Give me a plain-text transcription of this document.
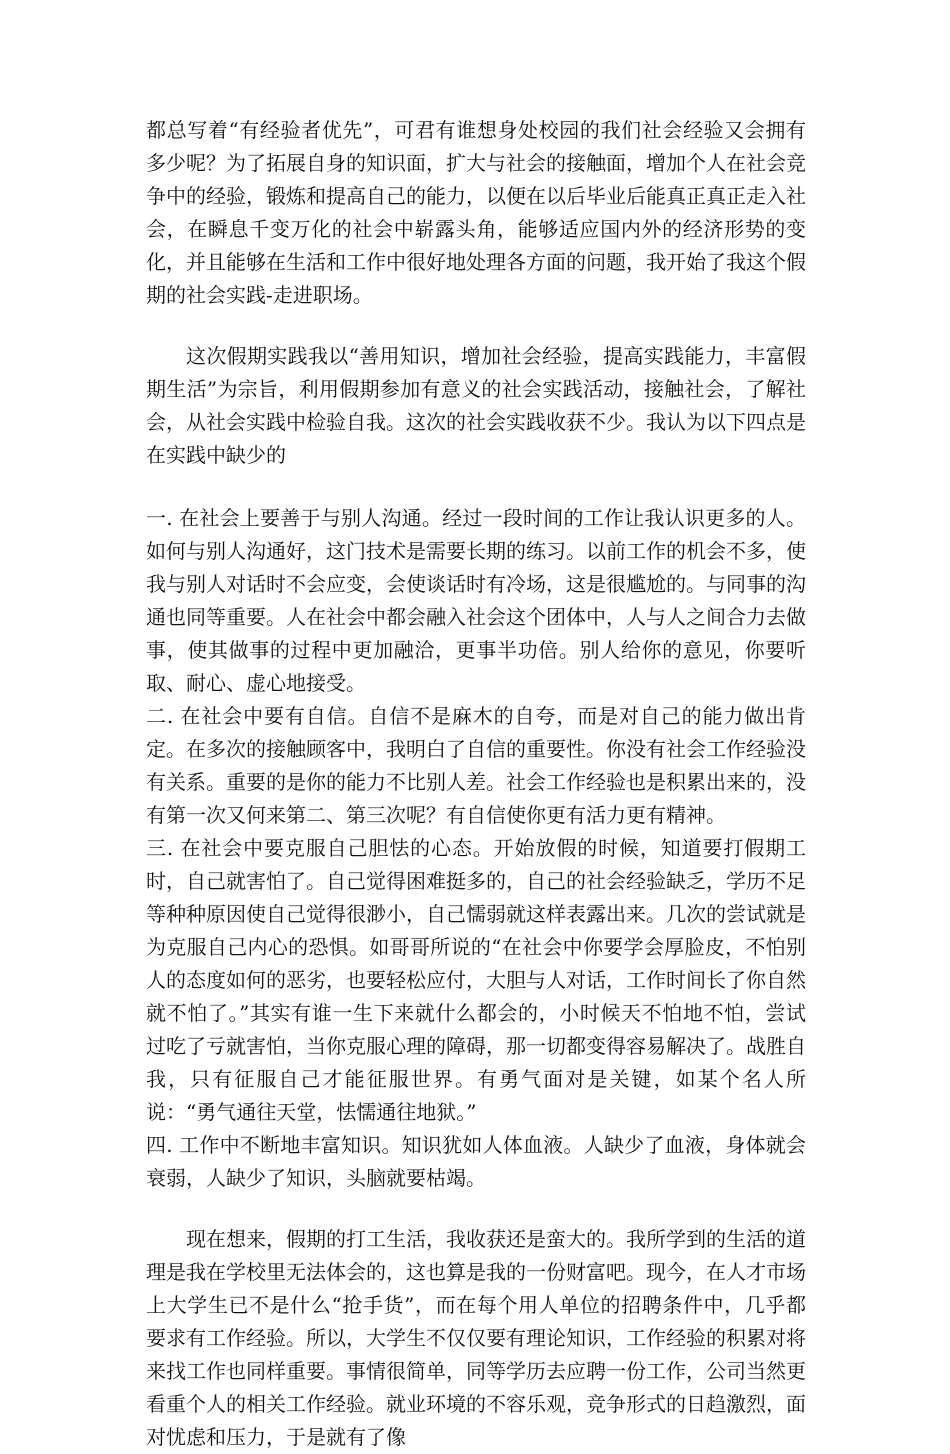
都总写着“有经验者优先”，可君有谁想身处校园的我们社会经验又会拥有多少呢？为了拓展自身的知识面，扩大与社会的接触面，增加个人在社会竞争中的经验，锻炼和提高自己的能力，以便在以后毕业后能真正真正走入社会，在瞬息千变万化的社会中崭露头角，能够适应国内外的经济形势的变化，并且能够在生活和工作中很好地处理各方面的问题，我开始了我这个假期的社会实践-走进职场。

这次假期实践我以“善用知识，增加社会经验，提高实践能力，丰富假期生活”为宗旨，利用假期参加有意义的社会实践活动，接触社会，了解社会，从社会实践中检验自我。这次的社会实践收获不少。我认为以下四点是在实践中缺少的

一. 在社会上要善于与别人沟通。经过一段时间的工作让我认识更多的人。如何与别人沟通好，这门技术是需要长期的练习。以前工作的机会不多，使我与别人对话时不会应变，会使谈话时有冷场，这是很尴尬的。与同事的沟通也同等重要。人在社会中都会融入社会这个团体中，人与人之间合力去做事，使其做事的过程中更加融洽，更事半功倍。别人给你的意见，你要听取、耐心、虚心地接受。

二. 在社会中要有自信。自信不是麻木的自夸，而是对自己的能力做出肯定。在多次的接触顾客中，我明白了自信的重要性。你没有社会工作经验没有关系。重要的是你的能力不比别人差。社会工作经验也是积累出来的，没有第一次又何来第二、第三次呢？有自信使你更有活力更有精神。

三. 在社会中要克服自己胆怯的心态。开始放假的时候，知道要打假期工时，自己就害怕了。自己觉得困难挺多的，自己的社会经验缺乏，学历不足等种种原因使自己觉得很渺小，自己懦弱就这样表露出来。几次的尝试就是为克服自己内心的恐惧。如哥哥所说的“在社会中你要学会厚脸皮，不怕别人的态度如何的恶劣，也要轻松应付，大胆与人对话，工作时间长了你自然就不怕了。”其实有谁一生下来就什么都会的，小时候天不怕地不怕，尝试过吃了亏就害怕，当你克服心理的障碍，那一切都变得容易解决了。战胜自我，只有征服自己才能征服世界。有勇气面对是关键，如某个名人所说：“勇气通往天堂，怯懦通往地狱。”

四. 工作中不断地丰富知识。知识犹如人体血液。人缺少了血液，身体就会衰弱，人缺少了知识，头脑就要枯竭。

现在想来，假期的打工生活，我收获还是蛮大的。我所学到的生活的道理是我在学校里无法体会的，这也算是我的一份财富吧。现今，在人才市场上大学生已不是什么“抢手货”，而在每个用人单位的招聘条件中，几乎都要求有工作经验。所以，大学生不仅仅要有理论知识，工作经验的积累对将来找工作也同样重要。事情很简单，同等学历去应聘一份工作，公司当然更看重个人的相关工作经验。就业环境的不容乐观，竞争形式的日趋激烈，面对忧虑和压力，于是就有了像
